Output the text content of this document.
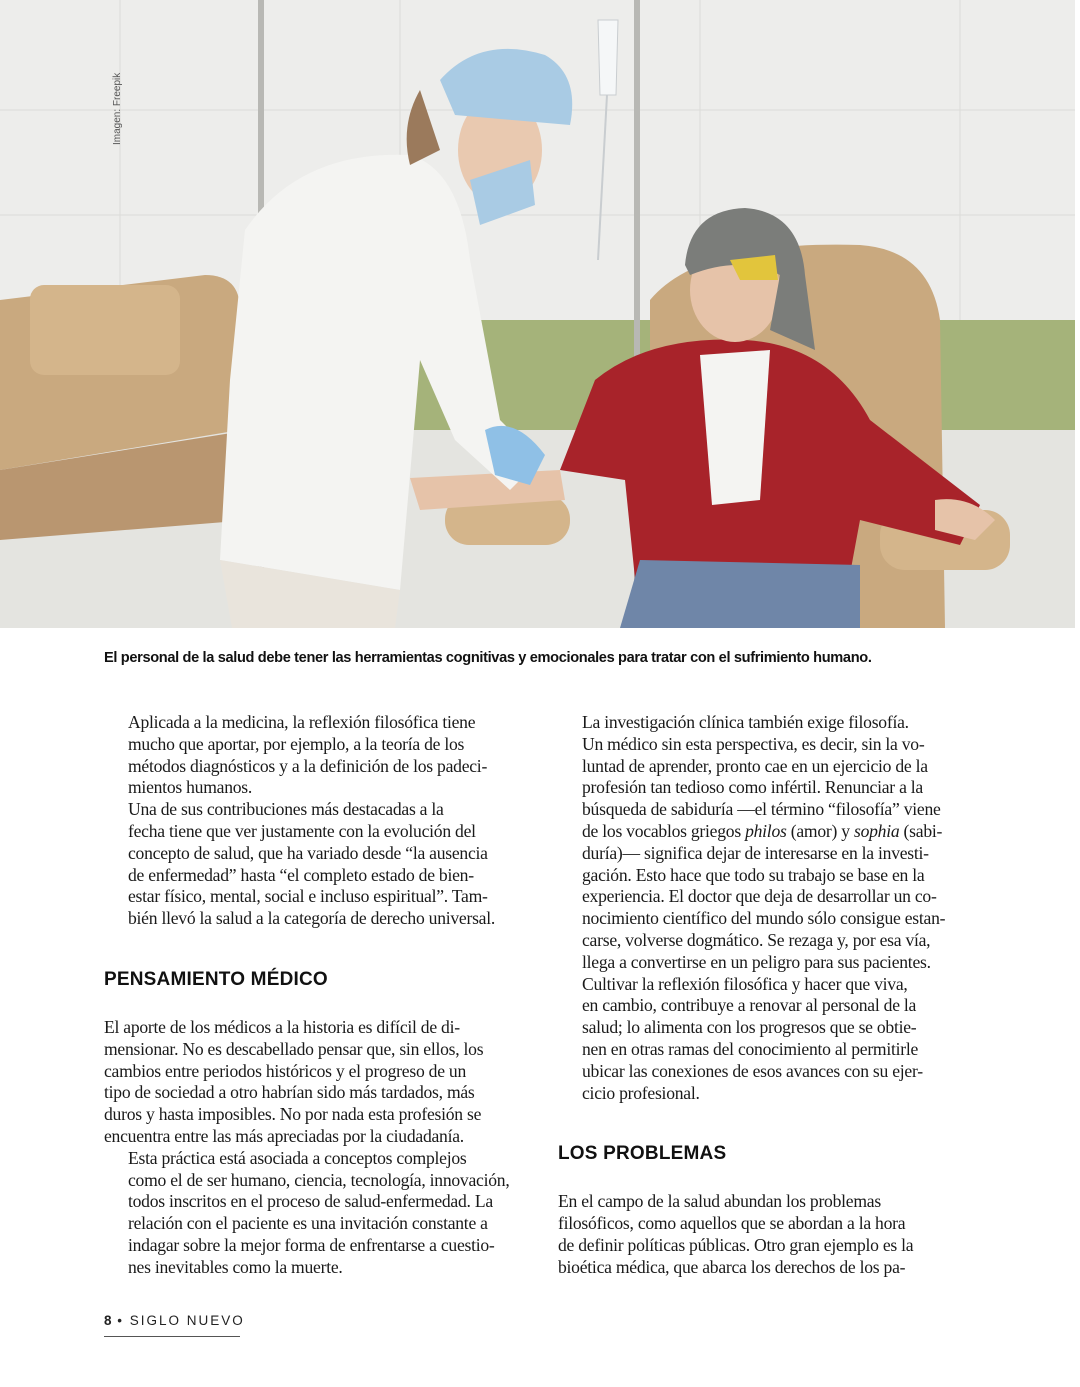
Imagen: Freepik
El personal de la salud debe tener las herramientas cognitivas y emocionales para tratar con el sufrimiento humano.

Aplicada a la medicina, la reflexión filosófica tiene
mucho que aportar, por ejemplo, a la teoría de los
métodos diagnósticos y a la definición de los padeci-
mientos humanos.

Una de sus contribuciones más destacadas a la
fecha tiene que ver justamente con la evolución del
concepto de salud, que ha variado desde “la ausencia
de enfermedad” hasta “el completo estado de bien-
estar físico, mental, social e incluso espiritual”. Tam-
bién llevó la salud a la categoría de derecho universal.

PENSAMIENTO MÉDICO

El aporte de los médicos a la historia es difícil de di-
mensionar. No es descabellado pensar que, sin ellos, los
cambios entre periodos históricos y el progreso de un
tipo de sociedad a otro habrían sido más tardados, más
duros y hasta imposibles. No por nada esta profesión se
encuentra entre las más apreciadas por la ciudadanía.

Esta práctica está asociada a conceptos complejos
como el de ser humano, ciencia, tecnología, innovación,
todos inscritos en el proceso de salud-enfermedad. La
relación con el paciente es una invitación constante a
indagar sobre la mejor forma de enfrentarse a cuestio-
nes inevitables como la muerte.

La investigación clínica también exige filosofía.
Un médico sin esta perspectiva, es decir, sin la vo-
luntad de aprender, pronto cae en un ejercicio de la
profesión tan tedioso como infértil. Renunciar a la
búsqueda de sabiduría —el término “filosofía” viene
de los vocablos griegos philos (amor) y sophia (sabi-
duría)— significa dejar de interesarse en la investi-
gación. Esto hace que todo su trabajo se base en la
experiencia. El doctor que deja de desarrollar un co-
nocimiento científico del mundo sólo consigue estan-
carse, volverse dogmático. Se rezaga y, por esa vía,
llega a convertirse en un peligro para sus pacientes.

Cultivar la reflexión filosófica y hacer que viva,
en cambio, contribuye a renovar al personal de la
salud; lo alimenta con los progresos que se obtie-
nen en otras ramas del conocimiento al permitirle
ubicar las conexiones de esos avances con su ejer-
cicio profesional.

LOS PROBLEMAS

En el campo de la salud abundan los problemas
filosóficos, como aquellos que se abordan a la hora
de definir políticas públicas. Otro gran ejemplo es la
bioética médica, que abarca los derechos de los pa-

8 • SIGLO NUEVO
